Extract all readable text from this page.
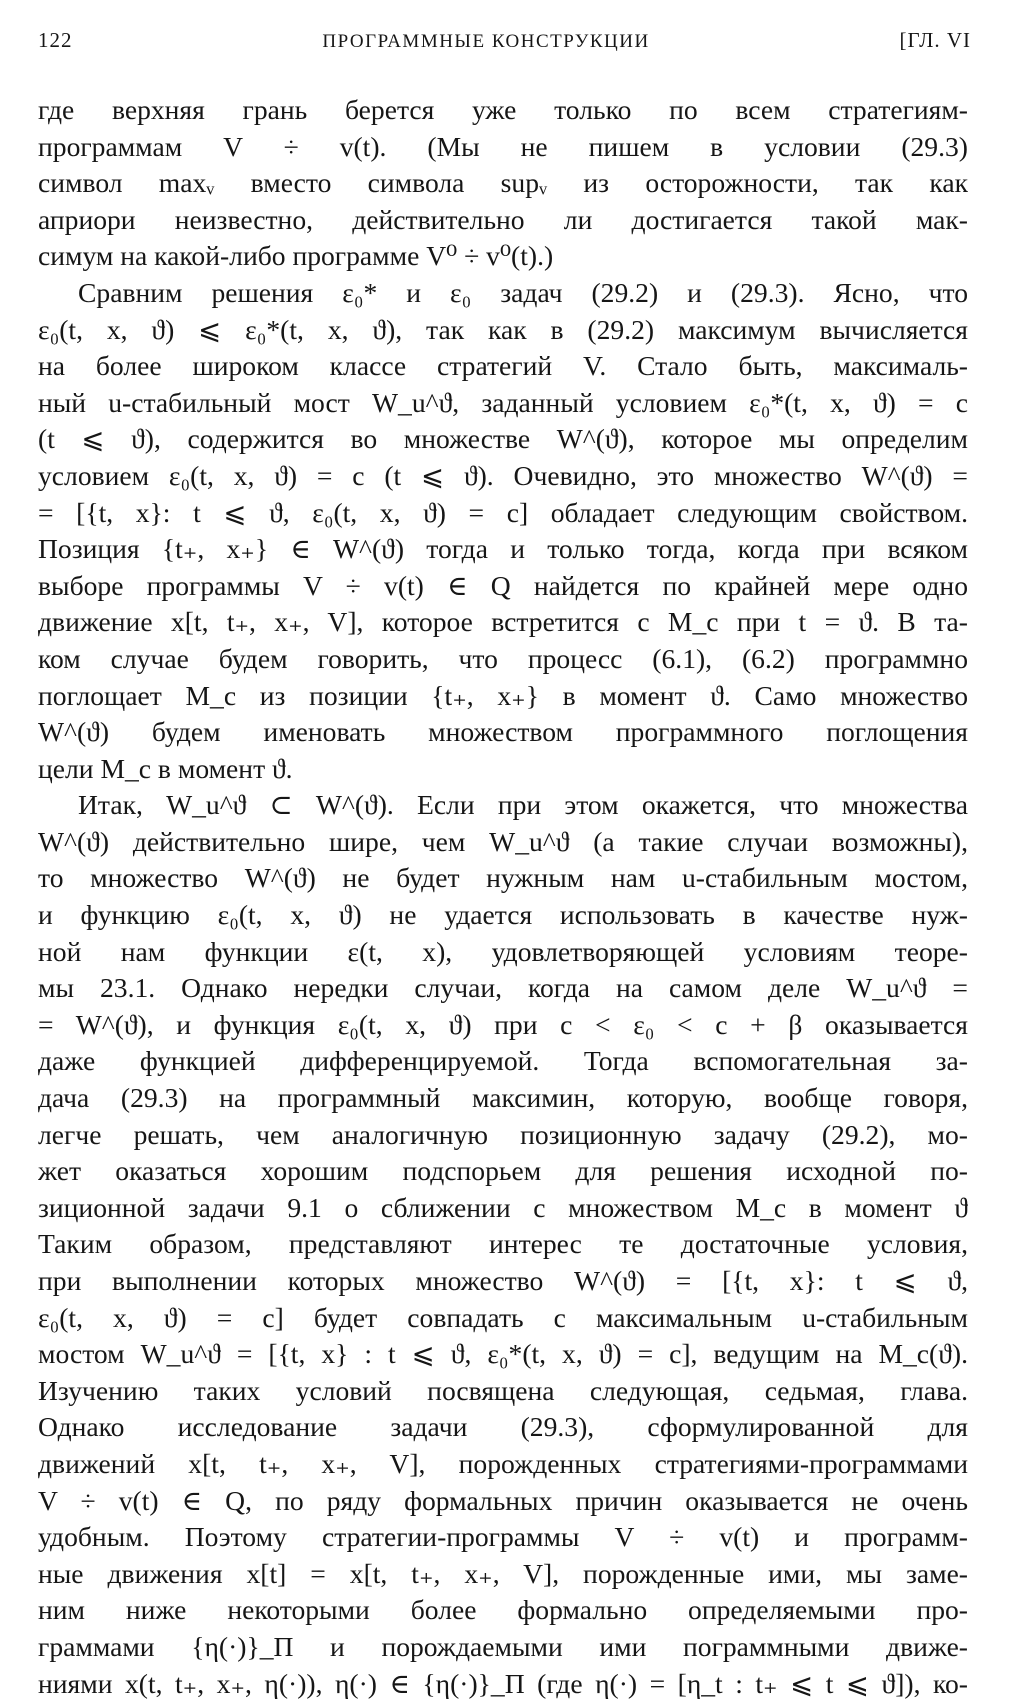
122	ПРОГРАММНЫЕ КОНСТРУКЦИИ	[ГЛ. VI
где верхняя грань берется уже только по всем стратегиям-
программам V ÷ v(t). (Мы не пишем в условии (29.3)
символ maxᵥ вместо символа supᵥ из осторожности, так как
априори неизвестно, действительно ли достигается такой мак-
симум на какой-либо программе V⁰ ÷ v⁰(t).)
Сравним решения ε₀* и ε₀ задач (29.2) и (29.3). Ясно, что
ε₀(t, x, ϑ) ⩽ ε₀*(t, x, ϑ), так как в (29.2) максимум вычисляется
на более широком классе стратегий V. Стало быть, максималь-
ный u-стабильный мост W_u^ϑ, заданный условием ε₀*(t, x, ϑ) = c
(t ⩽ ϑ), содержится во множестве W^(ϑ), которое мы определим
условием ε₀(t, x, ϑ) = c (t ⩽ ϑ). Очевидно, это множество W^(ϑ) =
= [{t, x}: t ⩽ ϑ, ε₀(t, x, ϑ) = c] обладает следующим свойством.
Позиция {t₊, x₊} ∈ W^(ϑ) тогда и только тогда, когда при всяком
выборе программы V ÷ v(t) ∈ Q найдется по крайней мере одно
движение x[t, t₊, x₊, V], которое встретится с M_c при t = ϑ. В та-
ком случае будем говорить, что процесс (6.1), (6.2) программно
поглощает M_c из позиции {t₊, x₊} в момент ϑ. Само множество
W^(ϑ) будем именовать множеством программного поглощения
цели M_c в момент ϑ.
Итак, W_u^ϑ ⊂ W^(ϑ). Если при этом окажется, что множества
W^(ϑ) действительно шире, чем W_u^ϑ (а такие случаи возможны),
то множество W^(ϑ) не будет нужным нам u-стабильным мостом,
и функцию ε₀(t, x, ϑ) не удается использовать в качестве нуж-
ной нам функции ε(t, x), удовлетворяющей условиям теоре-
мы 23.1. Однако нередки случаи, когда на самом деле W_u^ϑ =
= W^(ϑ), и функция ε₀(t, x, ϑ) при c < ε₀ < c + β оказывается
даже функцией дифференцируемой. Тогда вспомогательная за-
дача (29.3) на программный максимин, которую, вообще говоря,
легче решать, чем аналогичную позиционную задачу (29.2), мо-
жет оказаться хорошим подспорьем для решения исходной по-
зиционной задачи 9.1 о сближении с множеством M_c в момент ϑ
Таким образом, представляют интерес те достаточные условия,
при выполнении которых множество W^(ϑ) = [{t, x}: t ⩽ ϑ,
ε₀(t, x, ϑ) = c] будет совпадать с максимальным u-стабильным
мостом W_u^ϑ = [{t, x} : t ⩽ ϑ, ε₀*(t, x, ϑ) = c], ведущим на M_c(ϑ).
Изучению таких условий посвящена следующая, седьмая, глава.
Однако исследование задачи (29.3), сформулированной для
движений x[t, t₊, x₊, V], порожденных стратегиями-программами
V ÷ v(t) ∈ Q, по ряду формальных причин оказывается не очень
удобным. Поэтому стратегии-программы V ÷ v(t) и программ-
ные движения x[t] = x[t, t₊, x₊, V], порожденные ими, мы заме-
ним ниже некоторыми более формально определяемыми про-
граммами {η(·)}_Π и порождаемыми ими пограммными движе-
ниями x(t, t₊, x₊, η(·)), η(·) ∈ {η(·)}_Π (где η(·) = [η_t : t₊ ⩽ t ⩽ ϑ]), ко-
